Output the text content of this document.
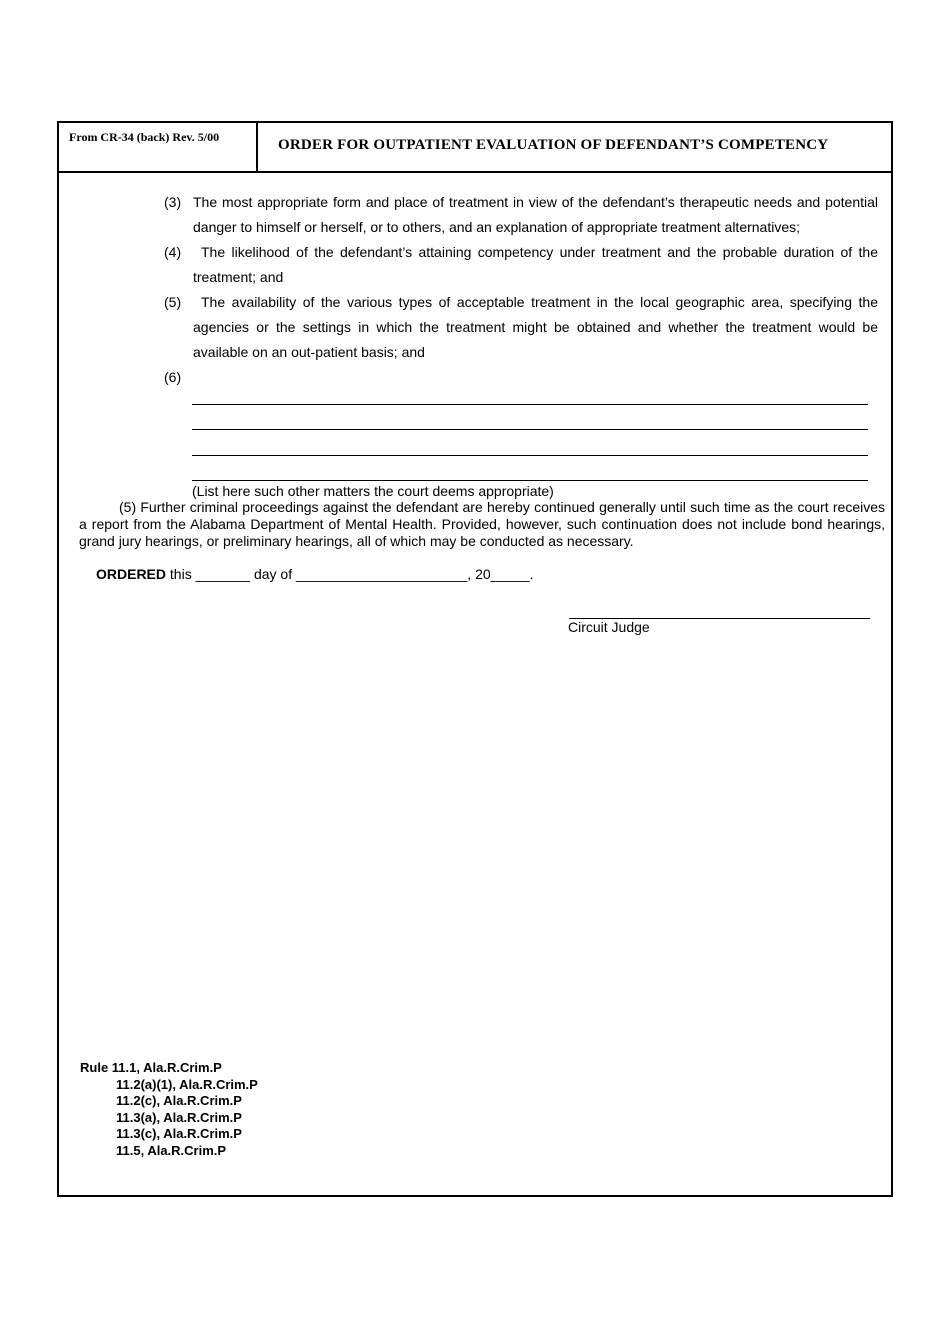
From CR-34 (back) Rev. 5/00	ORDER FOR OUTPATIENT EVALUATION OF DEFENDANT’S COMPETENCY
(3) The most appropriate form and place of treatment in view of the defendant’s therapeutic needs and potential danger to himself or herself, or to others, and an explanation of appropriate treatment alternatives;
(4)	The likelihood of the defendant’s attaining competency under treatment and the probable duration of the treatment; and
(5)	The availability of the various types of acceptable treatment in the local geographic area, specifying the agencies or the settings in which the treatment might be obtained and whether the treatment would be available on an out-patient basis; and
(6)
(List here such other matters the court deems appropriate)
(5) Further criminal proceedings against the defendant are hereby continued generally until such time as the court receives a report from the Alabama Department of Mental Health. Provided, however, such continuation does not include bond hearings, grand jury hearings, or preliminary hearings, all of which may be conducted as necessary.
ORDERED this _______ day of ______________________, 20_____.
Circuit Judge
Rule 11.1, Ala.R.Crim.P
11.2(a)(1), Ala.R.Crim.P
11.2(c), Ala.R.Crim.P
11.3(a), Ala.R.Crim.P
11.3(c), Ala.R.Crim.P
11.5, Ala.R.Crim.P
